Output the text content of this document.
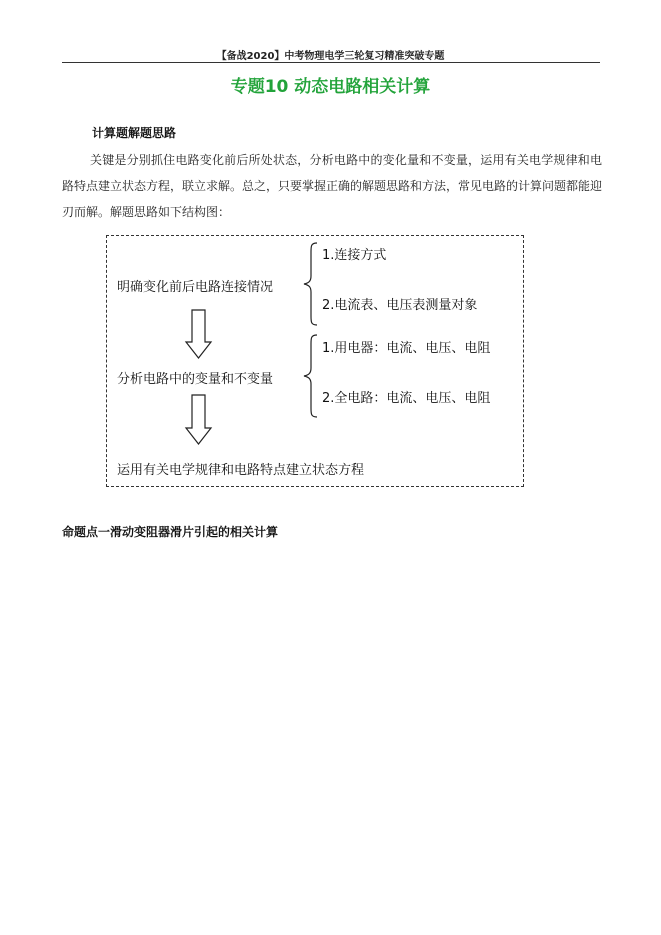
【备战2020】中考物理电学三轮复习精准突破专题
专题10 动态电路相关计算
计算题解题思路
关键是分别抓住电路变化前后所处状态，分析电路中的变化量和不变量，运用有关电学规律和电路特点建立状态方程，联立求解。总之，只要掌握正确的解题思路和方法，常见电路的计算问题都能迎刃而解。解题思路如下结构图：
明确变化前后电路连接情况
1.连接方式
2.电流表、电压表测量对象
分析电路中的变量和不变量
1.用电器：电流、电压、电阻
2.全电路：电流、电压、电阻
运用有关电学规律和电路特点建立状态方程
命题点一滑动变阻器滑片引起的相关计算
